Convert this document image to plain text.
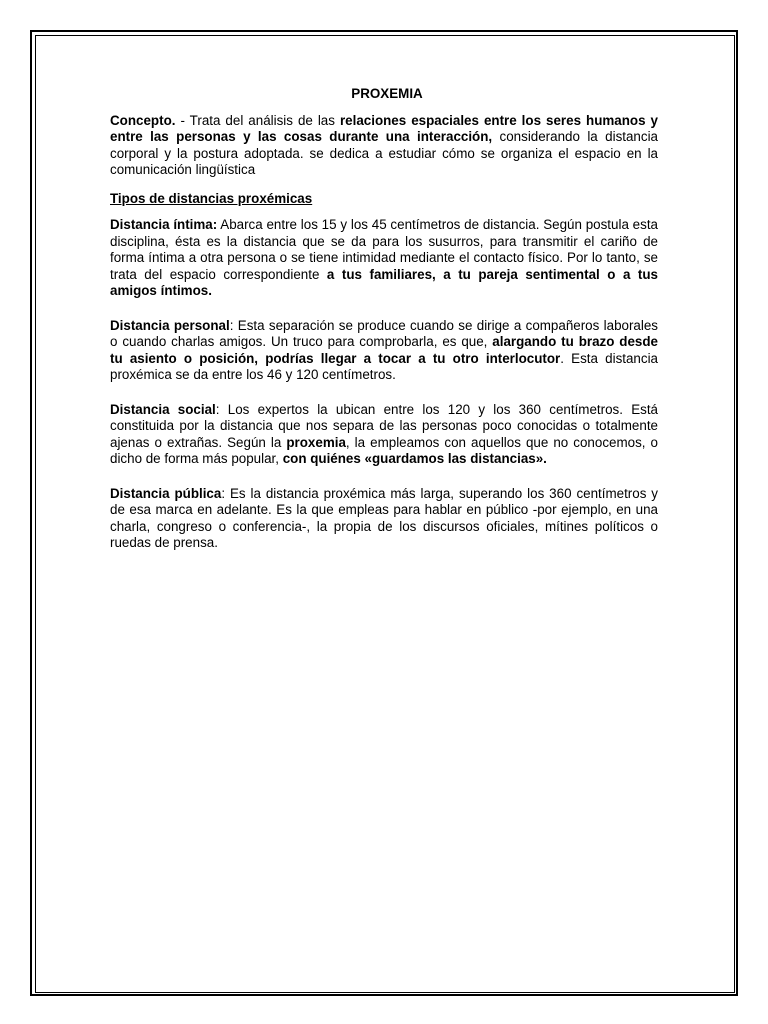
PROXEMIA

Concepto. - Trata del análisis de las relaciones espaciales entre los seres humanos y entre las personas y las cosas durante una interacción, considerando la distancia corporal y la postura adoptada. se dedica a estudiar cómo se organiza el espacio en la comunicación lingüística

Tipos de distancias proxémicas

Distancia íntima: Abarca entre los 15 y los 45 centímetros de distancia. Según postula esta disciplina, ésta es la distancia que se da para los susurros, para transmitir el cariño de forma íntima a otra persona o se tiene intimidad mediante el contacto físico. Por lo tanto, se trata del espacio correspondiente a tus familiares, a tu pareja sentimental o a tus amigos íntimos.

Distancia personal: Esta separación se produce cuando se dirige a compañeros laborales o cuando charlas amigos. Un truco para comprobarla, es que, alargando tu brazo desde tu asiento o posición, podrías llegar a tocar a tu otro interlocutor. Esta distancia proxémica se da entre los 46 y 120 centímetros.

Distancia social: Los expertos la ubican entre los 120 y los 360 centímetros. Está constituida por la distancia que nos separa de las personas poco conocidas o totalmente ajenas o extrañas. Según la proxemia, la empleamos con aquellos que no conocemos, o dicho de forma más popular, con quiénes «guardamos las distancias».

Distancia pública: Es la distancia proxémica más larga, superando los 360 centímetros y de esa marca en adelante. Es la que empleas para hablar en público -por ejemplo, en una charla, congreso o conferencia-, la propia de los discursos oficiales, mítines políticos o ruedas de prensa.
